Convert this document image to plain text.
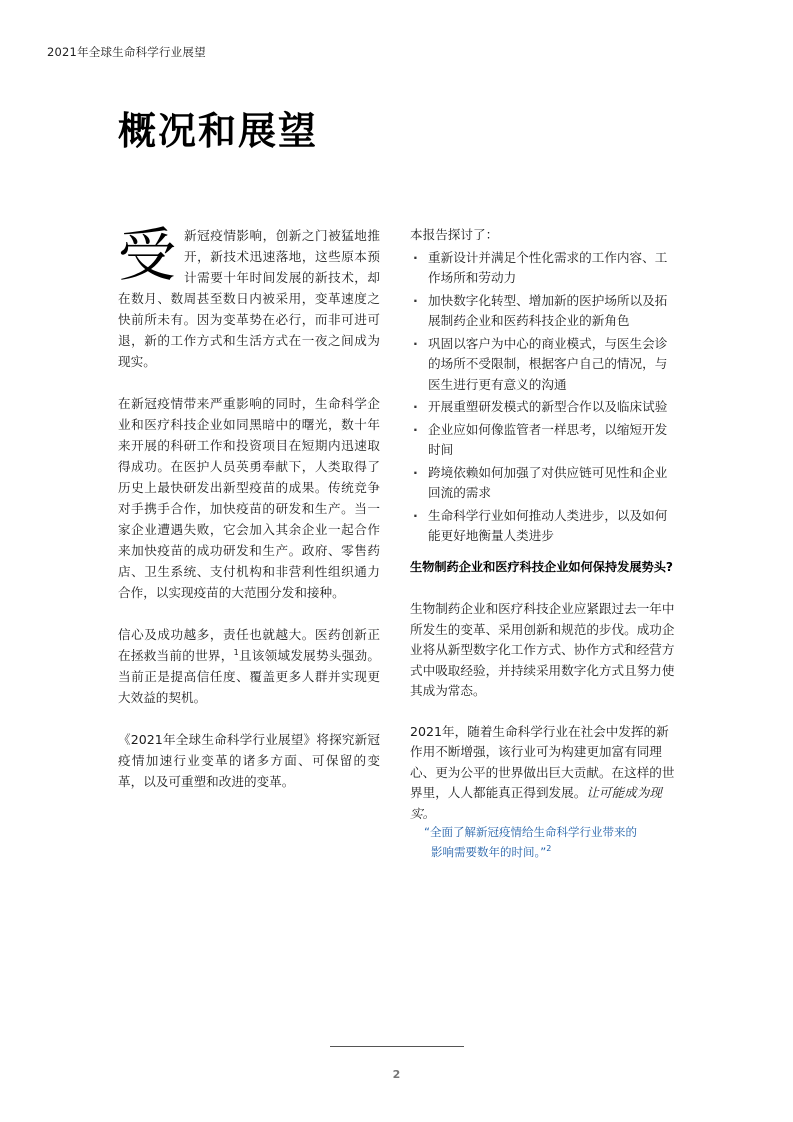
2021年全球生命科学行业展望
概况和展望

受新冠疫情影响，创新之门被猛地推开，新技术迅速落地，这些原本预计需要十年时间发展的新技术，却在数月、数周甚至数日内被采用，变革速度之快前所未有。因为变革势在必行，而非可进可退，新的工作方式和生活方式在一夜之间成为现实。

在新冠疫情带来严重影响的同时，生命科学企业和医疗科技企业如同黑暗中的曙光，数十年来开展的科研工作和投资项目在短期内迅速取得成功。在医护人员英勇奉献下，人类取得了历史上最快研发出新型疫苗的成果。传统竞争对手携手合作，加快疫苗的研发和生产。当一家企业遭遇失败，它会加入其余企业一起合作来加快疫苗的成功研发和生产。政府、零售药店、卫生系统、支付机构和非营利性组织通力合作，以实现疫苗的大范围分发和接种。

信心及成功越多，责任也就越大。医药创新正在拯救当前的世界，$^1$且该领域发展势头强劲。当前正是提高信任度、覆盖更多人群并实现更大效益的契机。

《2021年全球生命科学行业展望》将探究新冠疫情加速行业变革的诸多方面、可保留的变革，以及可重塑和改进的变革。

本报告探讨了：
· 重新设计并满足个性化需求的工作内容、工作场所和劳动力
· 加快数字化转型、增加新的医护场所以及拓展制药企业和医药科技企业的新角色
· 巩固以客户为中心的商业模式，与医生会诊的场所不受限制，根据客户自己的情况，与医生进行更有意义的沟通
· 开展重塑研发模式的新型合作以及临床试验
· 企业应如何像监管者一样思考，以缩短开发时间
· 跨境依赖如何加强了对供应链可见性和企业回流的需求
· 生命科学行业如何推动人类进步，以及如何能更好地衡量人类进步
生物制药企业和医疗科技企业如何保持发展势头?

生物制药企业和医疗科技企业应紧跟过去一年中所发生的变革、采用创新和规范的步伐。成功企业将从新型数字化工作方式、协作方式和经营方式中吸取经验，并持续采用数字化方式且努力使其成为常态。

2021年，随着生命科学行业在社会中发挥的新作用不断增强，该行业可为构建更加富有同理心、更为公平的世界做出巨大贡献。在这样的世界里，人人都能真正得到发展。让可能成为现实。

“全面了解新冠疫情给生命科学行业带来的
影响需要数年的时间。”$^2$
2
